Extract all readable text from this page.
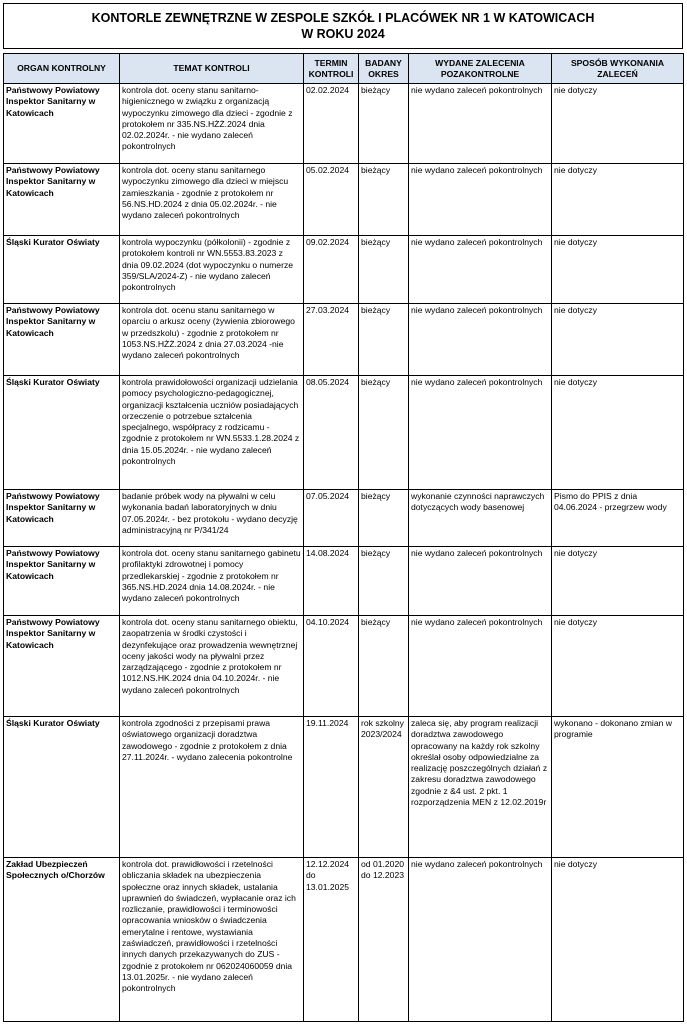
KONTORLE ZEWNĘTRZNE W ZESPOLE SZKÓŁ I PLACÓWEK NR 1 W KATOWICACH
W ROKU 2024
ORGAN KONTROLNY	TEMAT KONTROLI	TERMIN KONTROLI	BADANY OKRES	WYDANE ZALECENIA POZAKONTROLNE	SPOSÓB WYKONANIA ZALECEŃ
Państwowy Powiatowy Inspektor Sanitarny w Katowicach	kontrola dot. oceny stanu sanitarno-higienicznego w związku z organizacją wypoczynku zimowego dla dzieci - zgodnie z protokołem nr 335.NS.HŻŻ.2024 dnia 02.02.2024r. - nie wydano zaleceń pokontrolnych	02.02.2024	bieżący	nie wydano zaleceń pokontrolnych	nie dotyczy
Państwowy Powiatowy Inspektor Sanitarny w Katowicach	kontrola dot. oceny stanu sanitarnego wypoczynku zimowego dla dzieci w miejscu zamieszkania - zgodnie z protokołem nr 56.NS.HD.2024 z dnia 05.02.2024r. - nie wydano zaleceń pokontrolnych	05.02.2024	bieżący	nie wydano zaleceń pokontrolnych	nie dotyczy
Śląski Kurator Oświaty	kontrola wypoczynku (półkolonii) - zgodnie z protokołem kontroli nr WN.5553.83.2023 z dnia 09.02.2024 (dot wypoczynku o numerze 359/SLA/2024-Z) - nie wydano zaleceń pokontrolnych	09.02.2024	bieżący	nie wydano zaleceń pokontrolnych	nie dotyczy
Państwowy Powiatowy Inspektor Sanitarny w Katowicach	kontrola dot. ocenu stanu sanitarnego w oparciu o arkusz oceny (żywienia zbiorowego w przedszkolu) - zgodnie z protokołem nr 1053.NS.HŻŻ.2024 z dnia 27.03.2024 -nie wydano zaleceń pokontrolnych	27.03.2024	bieżący	nie wydano zaleceń pokontrolnych	nie dotyczy
Śląski Kurator Oświaty	kontrola prawidołowości organizacji udzielania pomocy psychologiczno-pedagogicznej, organizacji kształcenia uczniów posiadających orzeczenie o potrzebue ształcenia specjalnego, współpracy z rodzicamu - zgodnie z protokołem nr WN.5533.1.28.2024 z dnia 15.05.2024r. - nie wydano zaleceń pokontrolnych	08.05.2024	bieżący	nie wydano zaleceń pokontrolnych	nie dotyczy
Państwowy Powiatowy Inspektor Sanitarny w Katowicach	badanie próbek wody na pływalni w celu wykonania badań laboratoryjnych w dniu 07.05.2024r. - bez protokołu - wydano decyzję administracyjną nr P/341/24	07.05.2024	bieżący	wykonanie czynności naprawczych dotyczących wody basenowej	Pismo do PPIS z dnia 04.06.2024 - przegrzew wody
Państwowy Powiatowy Inspektor Sanitarny w Katowicach	kontrola dot. oceny stanu sanitarnego gabinetu profilaktyki zdrowotnej i pomocy przedlekarskiej - zgodnie z protokołem nr 365.NS.HD.2024 dnia 14.08.2024r. - nie wydano zaleceń pokontrolnych	14.08.2024	bieżący	nie wydano zaleceń pokontrolnych	nie dotyczy
Państwowy Powiatowy Inspektor Sanitarny w Katowicach	kontrola dot. oceny stanu sanitarnego obiektu, zaopatrzenia w środki czystości i dezynfekujące oraz prowadzenia wewnętrznej oceny jakości wody na pływalni przez zarządzającego - zgodnie z protokołem nr 1012.NS.HK.2024 dnia 04.10.2024r. - nie wydano zaleceń pokontrolnych	04.10.2024	bieżący	nie wydano zaleceń pokontrolnych	nie dotyczy
Śląski Kurator Oświaty	kontrola zgodności z przepisami prawa oświatowego organizacji doradztwa zawodowego - zgodnie z protokołem z dnia 27.11.2024r. - wydano zalecenia pokontrolne	19.11.2024	rok szkolny 2023/2024	zaleca się, aby program realizacji doradztwa zawodowego opracowany na każdy rok szkolny określał osoby odpowiedzialne za realizację poszczególnych działań z zakresu doradztwa zawodowego zgodnie z &4 ust. 2 pkt. 1 rozporządzenia MEN z 12.02.2019r	wykonano - dokonano zmian w programie
Zakład Ubezpieczeń Społecznych o/Chorzów	kontrola dot. prawidłowości i rzetelności obliczania składek na ubezpieczenia społeczne oraz innych składek, ustalania uprawnień do świadczeń, wypłacanie oraz ich rozliczanie, prawidłowości i terminowości opracowania wniosków o świadczenia emerytalne i rentowe, wystawiania zaświadczeń, prawidłowości i rzetelności innych danych przekazywanych do ZUS - zgodnie z protokołem nr 062024060059 dnia 13.01.2025r. - nie wydano zaleceń pokontrolnych	12.12.2024 do 13.01.2025	od 01.2020 do 12.2023	nie wydano zaleceń pokontrolnych	nie dotyczy
